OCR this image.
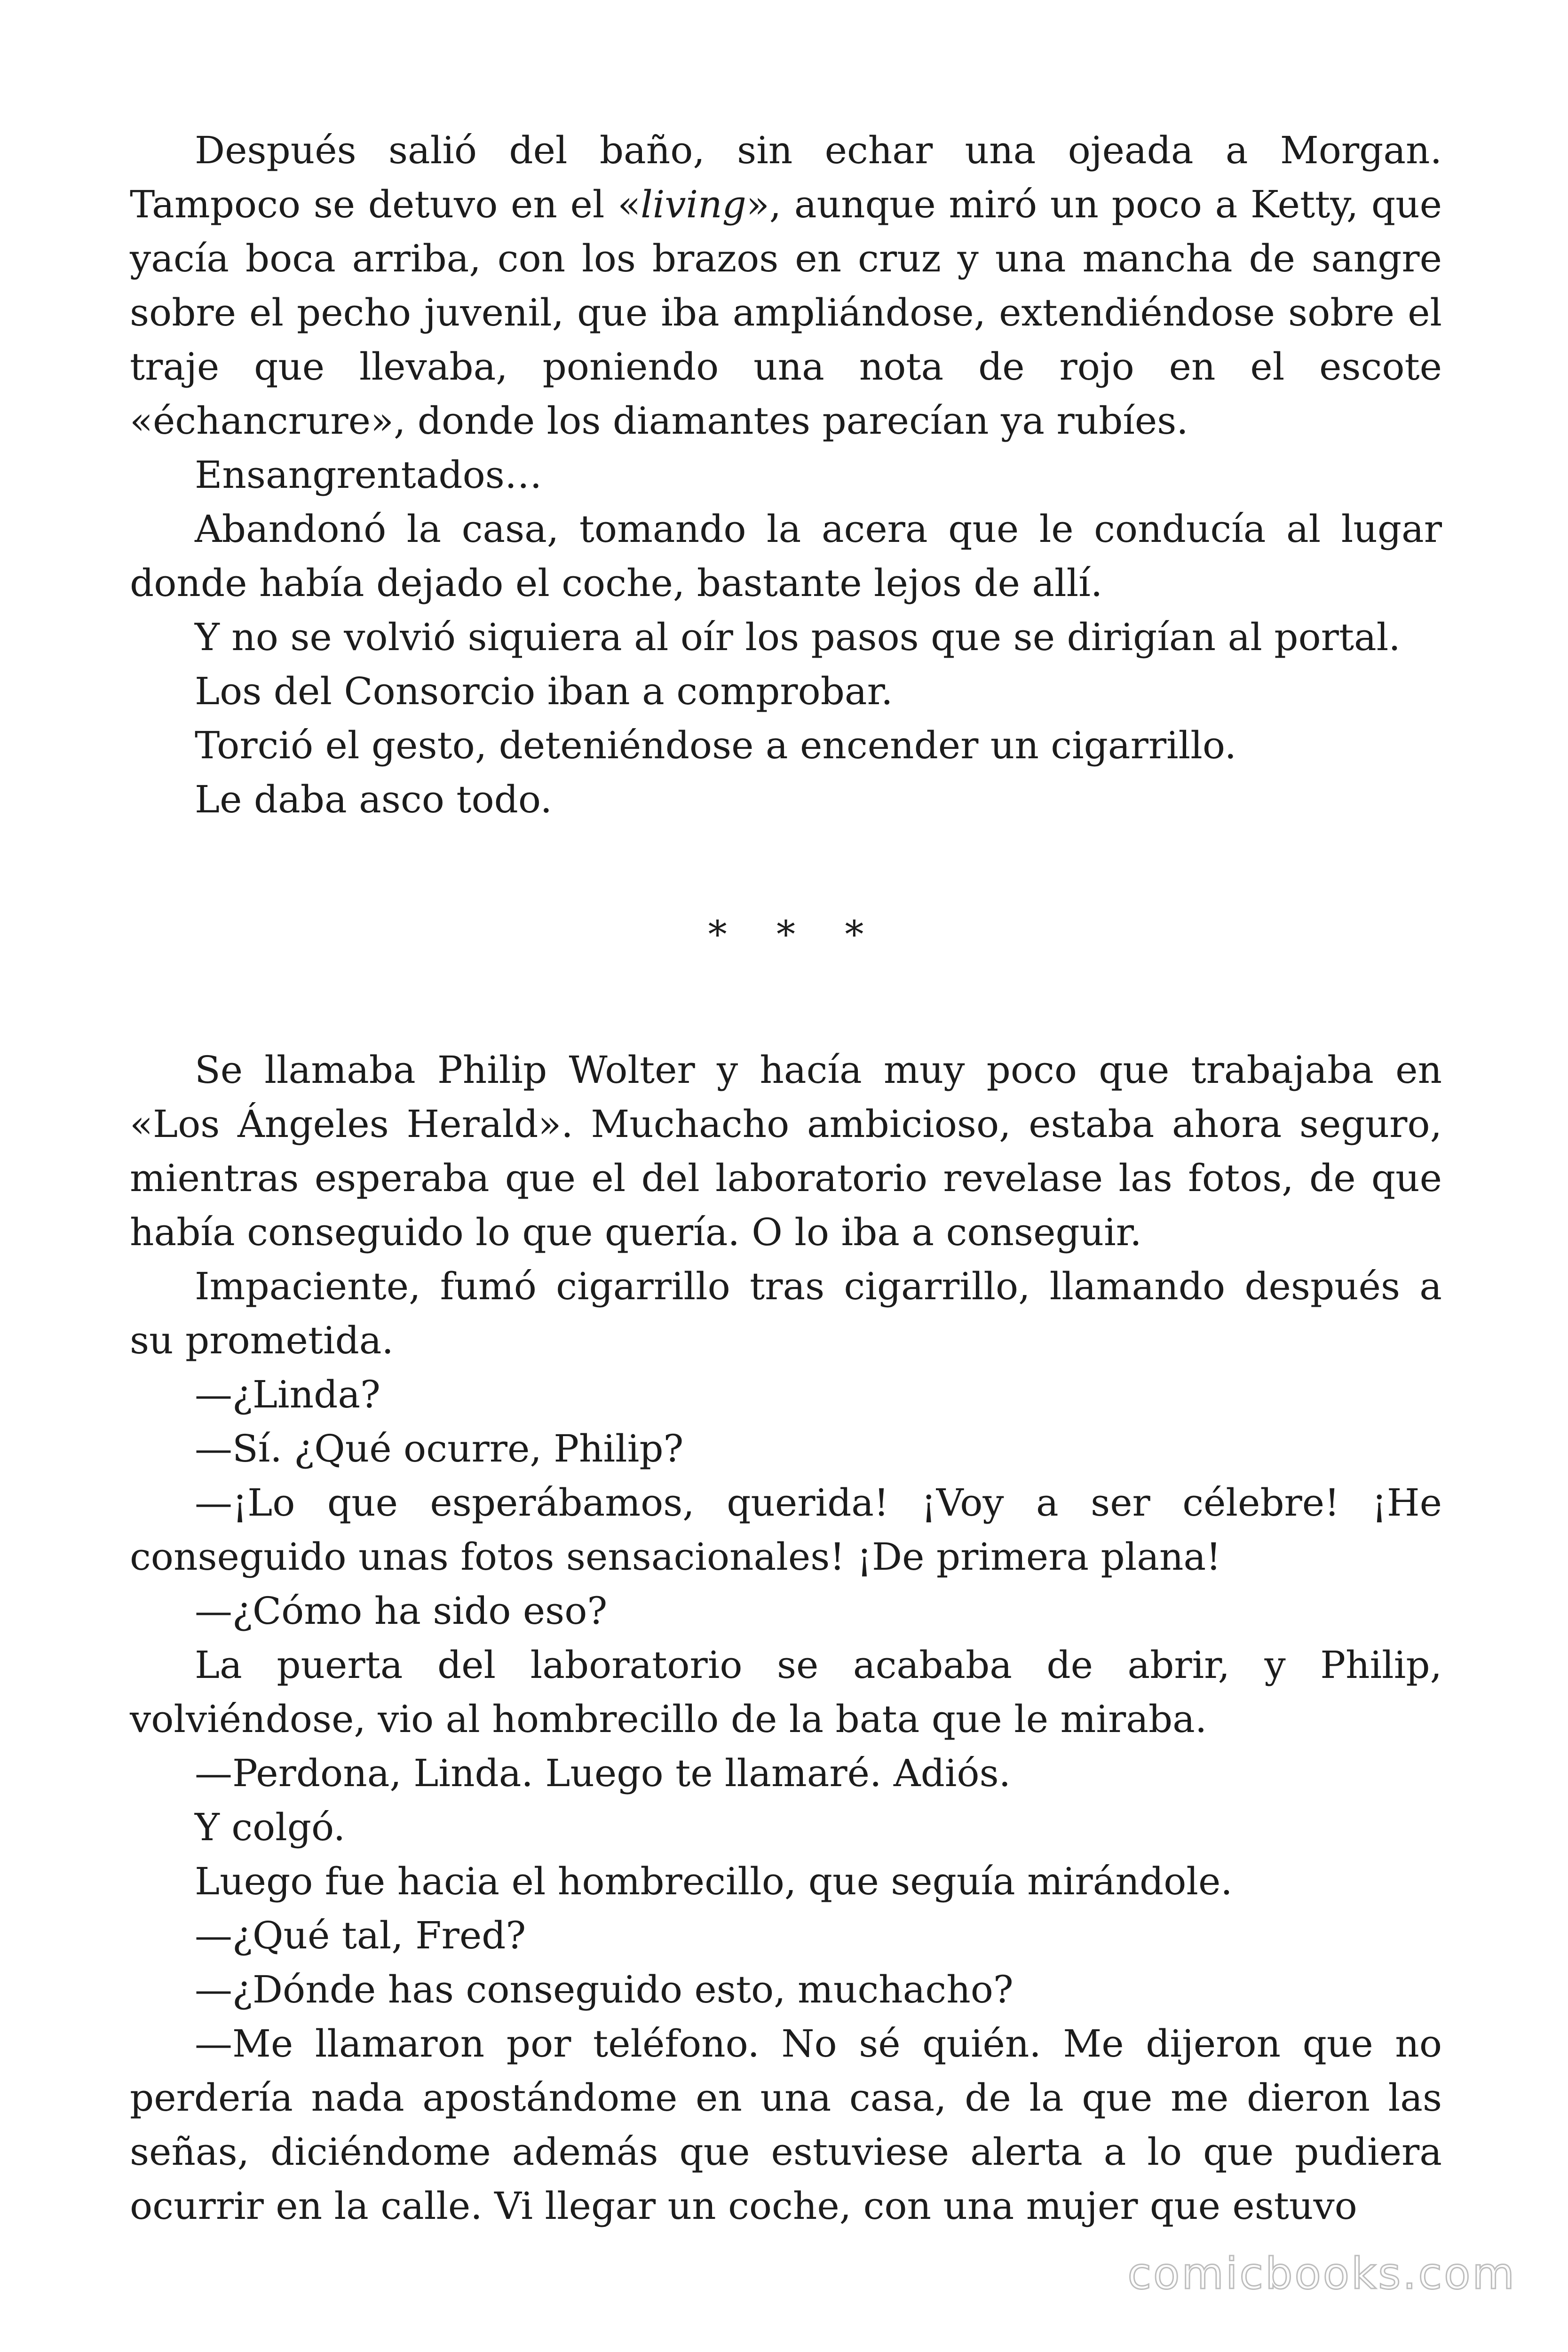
Después salió del baño, sin echar una ojeada a Morgan. Tampoco se detuvo en el «living», aunque miró un poco a Ketty, que yacía boca arriba, con los brazos en cruz y una mancha de sangre sobre el pecho juvenil, que iba ampliándose, extendiéndose sobre el traje que llevaba, poniendo una nota de rojo en el escote «échancrure», donde los diamantes parecían ya rubíes.

Ensangrentados…

Abandonó la casa, tomando la acera que le conducía al lugar donde había dejado el coche, bastante lejos de allí.

Y no se volvió siquiera al oír los pasos que se dirigían al portal.

Los del Consorcio iban a comprobar.

Torció el gesto, deteniéndose a encender un cigarrillo.

Le daba asco todo.

* * *

Se llamaba Philip Wolter y hacía muy poco que trabajaba en «Los Ángeles Herald». Muchacho ambicioso, estaba ahora seguro, mientras esperaba que el del laboratorio revelase las fotos, de que había conseguido lo que quería. O lo iba a conseguir.

Impaciente, fumó cigarrillo tras cigarrillo, llamando después a su prometida.

—¿Linda?

—Sí. ¿Qué ocurre, Philip?

—¡Lo que esperábamos, querida! ¡Voy a ser célebre! ¡He conseguido unas fotos sensacionales! ¡De primera plana!

—¿Cómo ha sido eso?

La puerta del laboratorio se acababa de abrir, y Philip, volviéndose, vio al hombrecillo de la bata que le miraba.

—Perdona, Linda. Luego te llamaré. Adiós.

Y colgó.

Luego fue hacia el hombrecillo, que seguía mirándole.

—¿Qué tal, Fred?

—¿Dónde has conseguido esto, muchacho?

—Me llamaron por teléfono. No sé quién. Me dijeron que no perdería nada apostándome en una casa, de la que me dieron las señas, diciéndome además que estuviese alerta a lo que pudiera ocurrir en la calle. Vi llegar un coche, con una mujer que estuvo

comicbooks.com
